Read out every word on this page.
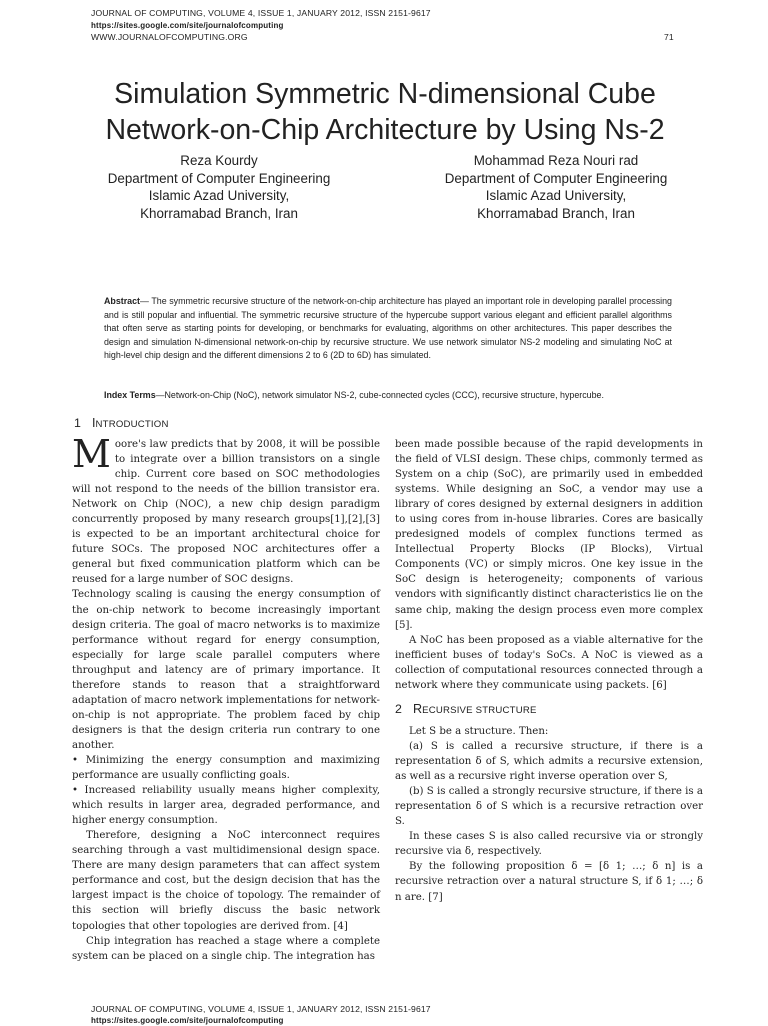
JOURNAL OF COMPUTING, VOLUME 4, ISSUE 1, JANUARY 2012, ISSN 2151-9617
https://sites.google.com/site/journalofcomputing
WWW.JOURNALOFCOMPUTING.ORG	71
Simulation Symmetric N-dimensional Cube
Network-on-Chip Architecture by Using Ns-2
Reza Kourdy
Department of Computer Engineering
Islamic Azad University,
Khorramabad Branch, Iran
Mohammad Reza Nouri rad
Department of Computer Engineering
Islamic Azad University,
Khorramabad Branch, Iran
Abstract— The symmetric recursive structure of the network-on-chip architecture has played an important role in developing parallel processing and is still popular and influential. The symmetric recursive structure of the hypercube support various elegant and efficient parallel algorithms that often serve as starting points for developing, or benchmarks for evaluating, algorithms on other architectures. This paper describes the design and simulation N-dimensional network-on-chip by recursive structure. We use network simulator NS-2 modeling and simulating NoC at high-level chip design and the different dimensions 2 to 6 (2D to 6D) has simulated.
Index Terms—Network-on-Chip (NoC), network simulator NS-2, cube-connected cycles (CCC), recursive structure, hypercube.
1 INTRODUCTION

Moore's law predicts that by 2008, it will be possible to integrate over a billion transistors on a single chip. Current core based on SOC methodologies will not respond to the needs of the billion transistor era. Network on Chip (NOC), a new chip design paradigm concurrently proposed by many research groups[1],[2],[3] is expected to be an important architectural choice for future SOCs. The proposed NOC architectures offer a general but fixed communication platform which can be reused for a large number of SOC designs.

Technology scaling is causing the energy consumption of the on-chip network to become increasingly important design criteria. The goal of macro networks is to maximize performance without regard for energy consumption, especially for large scale parallel computers where throughput and latency are of primary importance. It therefore stands to reason that a straightforward adaptation of macro network implementations for network-on-chip is not appropriate. The problem faced by chip designers is that the design criteria run contrary to one another.

• Minimizing the energy consumption and maximizing performance are usually conflicting goals.

• Increased reliability usually means higher complexity, which results in larger area, degraded performance, and higher energy consumption.

Therefore, designing a NoC interconnect requires searching through a vast multidimensional design space. There are many design parameters that can affect system performance and cost, but the design decision that has the largest impact is the choice of topology. The remainder of this section will briefly discuss the basic network topologies that other topologies are derived from. [4]

Chip integration has reached a stage where a complete system can be placed on a single chip. The integration has

been made possible because of the rapid developments in the field of VLSI design. These chips, commonly termed as System on a chip (SoC), are primarily used in embedded systems. While designing an SoC, a vendor may use a library of cores designed by external designers in addition to using cores from in-house libraries. Cores are basically predesigned models of complex functions termed as Intellectual Property Blocks (IP Blocks), Virtual Components (VC) or simply micros. One key issue in the SoC design is heterogeneity; components of various vendors with significantly distinct characteristics lie on the same chip, making the design process even more complex [5].

A NoC has been proposed as a viable alternative for the inefficient buses of today's SoCs. A NoC is viewed as a collection of computational resources connected through a network where they communicate using packets. [6]

2 RECURSIVE STRUCTURE

Let S be a structure. Then:

(a) S is called a recursive structure, if there is a representation δ of S, which admits a recursive extension, as well as a recursive right inverse operation over S,

(b) S is called a strongly recursive structure, if there is a representation δ of S which is a recursive retraction over S.

In these cases S is also called recursive via or strongly recursive via δ, respectively.

By the following proposition δ = [δ 1; …; δ n] is a recursive retraction over a natural structure S, if δ 1; …; δ n are. [7]

JOURNAL OF COMPUTING, VOLUME 4, ISSUE 1, JANUARY 2012, ISSN 2151-9617
https://sites.google.com/site/journalofcomputing
